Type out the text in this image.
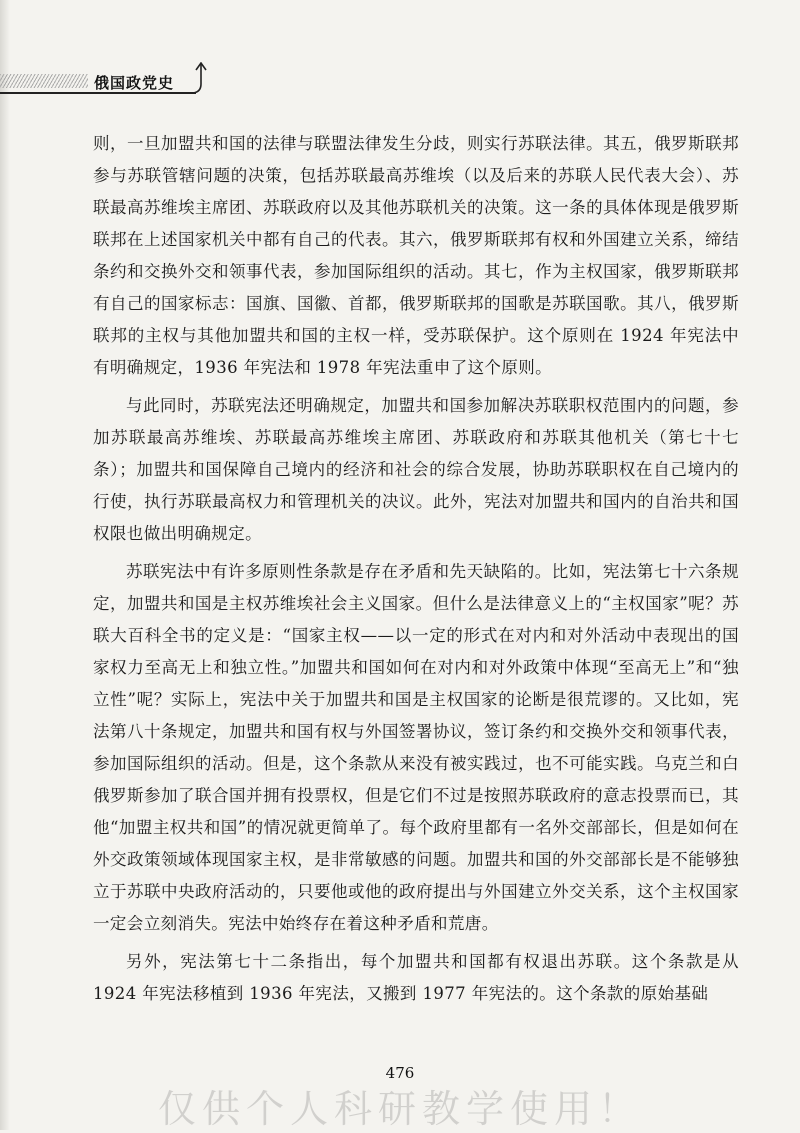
俄国政党史

则，一旦加盟共和国的法律与联盟法律发生分歧，则实行苏联法律。其五，俄罗斯联邦参与苏联管辖问题的决策，包括苏联最高苏维埃（以及后来的苏联人民代表大会）、苏联最高苏维埃主席团、苏联政府以及其他苏联机关的决策。这一条的具体体现是俄罗斯联邦在上述国家机关中都有自己的代表。其六，俄罗斯联邦有权和外国建立关系，缔结条约和交换外交和领事代表，参加国际组织的活动。其七，作为主权国家，俄罗斯联邦有自己的国家标志：国旗、国徽、首都，俄罗斯联邦的国歌是苏联国歌。其八，俄罗斯联邦的主权与其他加盟共和国的主权一样，受苏联保护。这个原则在 1924 年宪法中有明确规定，1936 年宪法和 1978 年宪法重申了这个原则。

与此同时，苏联宪法还明确规定，加盟共和国参加解决苏联职权范围内的问题，参加苏联最高苏维埃、苏联最高苏维埃主席团、苏联政府和苏联其他机关（第七十七条）；加盟共和国保障自己境内的经济和社会的综合发展，协助苏联职权在自己境内的行使，执行苏联最高权力和管理机关的决议。此外，宪法对加盟共和国内的自治共和国权限也做出明确规定。

苏联宪法中有许多原则性条款是存在矛盾和先天缺陷的。比如，宪法第七十六条规定，加盟共和国是主权苏维埃社会主义国家。但什么是法律意义上的“主权国家”呢？苏联大百科全书的定义是：“国家主权——以一定的形式在对内和对外活动中表现出的国家权力至高无上和独立性。”加盟共和国如何在对内和对外政策中体现“至高无上”和“独立性”呢？实际上，宪法中关于加盟共和国是主权国家的论断是很荒谬的。又比如，宪法第八十条规定，加盟共和国有权与外国签署协议，签订条约和交换外交和领事代表，参加国际组织的活动。但是，这个条款从来没有被实践过，也不可能实践。乌克兰和白俄罗斯参加了联合国并拥有投票权，但是它们不过是按照苏联政府的意志投票而已，其他“加盟主权共和国”的情况就更简单了。每个政府里都有一名外交部部长，但是如何在外交政策领域体现国家主权，是非常敏感的问题。加盟共和国的外交部部长是不能够独立于苏联中央政府活动的，只要他或他的政府提出与外国建立外交关系，这个主权国家一定会立刻消失。宪法中始终存在着这种矛盾和荒唐。

另外，宪法第七十二条指出，每个加盟共和国都有权退出苏联。这个条款是从 1924 年宪法移植到 1936 年宪法，又搬到 1977 年宪法的。这个条款的原始基础

476
仅供个人科研教学使用！
